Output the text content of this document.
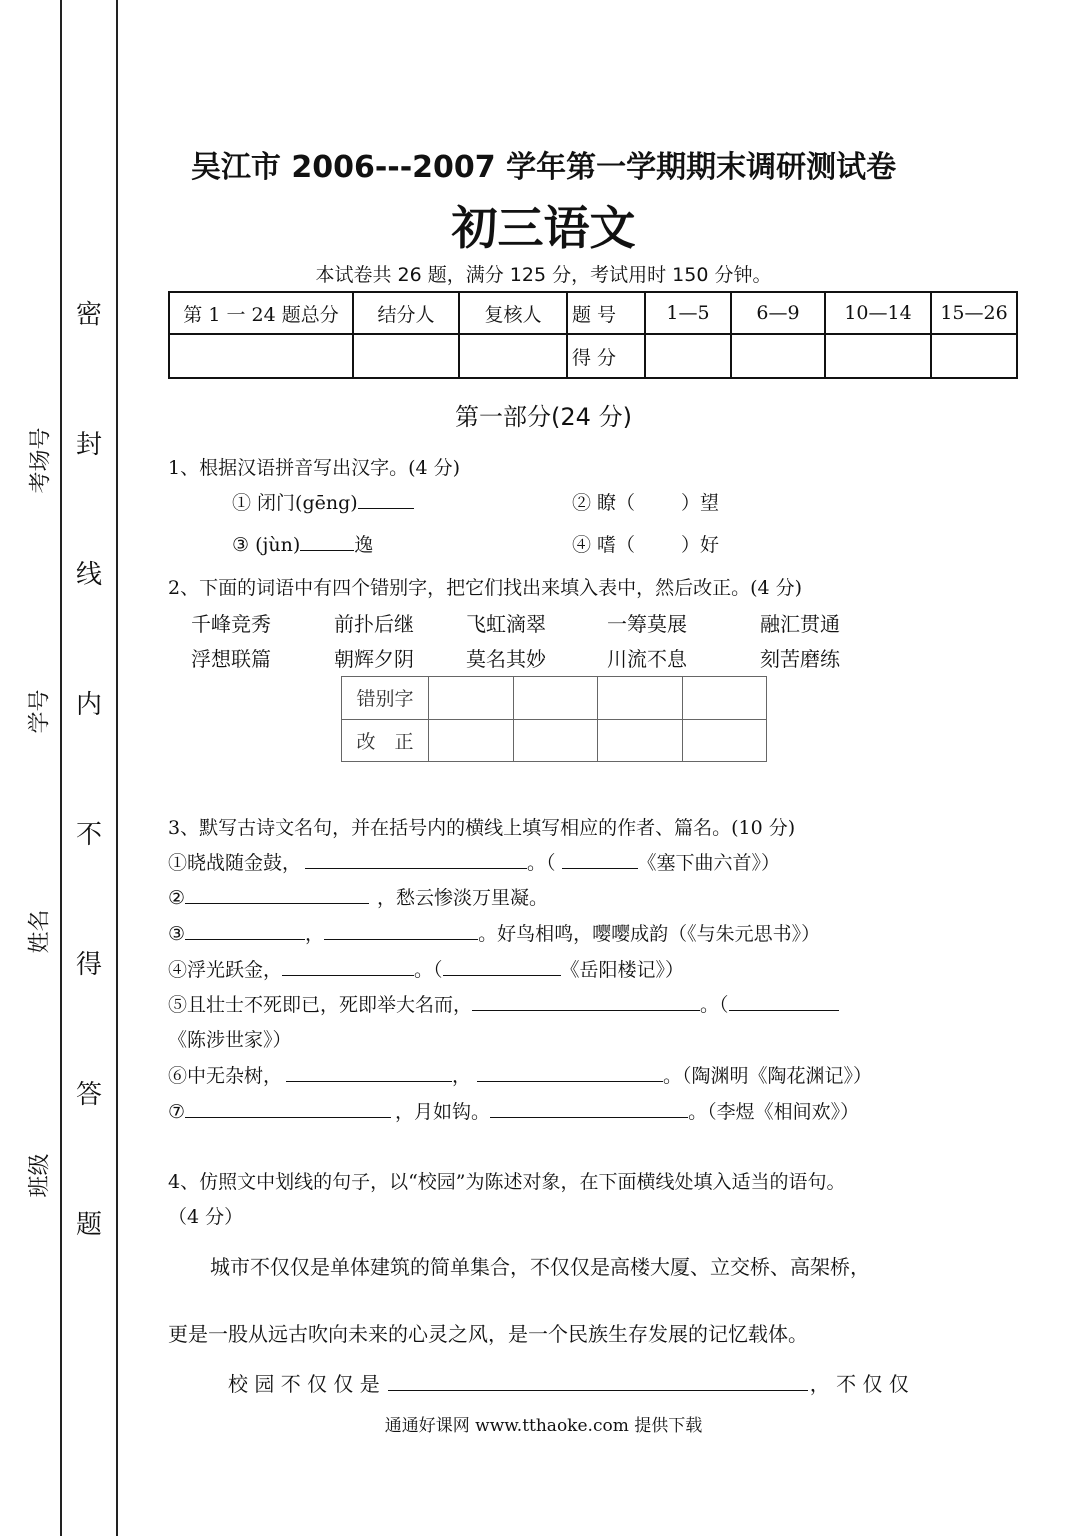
考场号
学号
姓名
班级
密
封
线
内
不
得
答
题
吴江市 2006---2007 学年第一学期期末调研测试卷
初三语文
本试卷共 26 题，满分 125 分，考试用时 150 分钟。
第 1 一 24 题总分	结分人	复核人	题 号	1—5	6—9	10—14	15—26
			得 分				
第一部分(24 分)
1、根据汉语拼音写出汉字。(4 分)
① 闭门(gēng)	② 瞭（ ）望
③ (jùn)	逸	④ 嗜（ ）好
2、下面的词语中有四个错别字，把它们找出来填入表中，然后改正。(4 分)
千峰竞秀	前扑后继	飞虹滴翠	一筹莫展	融汇贯通
浮想联篇	朝辉夕阴	莫名其妙	川流不息	刻苦磨练
错别字				
改　正				
3、默写古诗文名句，并在括号内的横线上填写相应的作者、篇名。(10 分)
①晓战随金鼓，	。（	《塞下曲六首》）
②	，愁云惨淡万里凝。
③	，	。好鸟相鸣，嘤嘤成韵（《与朱元思书》）
④浮光跃金，	。（	《岳阳楼记》）
⑤且壮士不死即已，死即举大名而，	。（
《陈涉世家》）
⑥中无杂树，	，	。（陶渊明《陶花渊记》）
⑦	，月如钩。	。（李煜《相间欢》）
4、仿照文中划线的句子，以“校园”为陈述对象，在下面横线处填入适当的语句。
（4 分）
城市不仅仅是单体建筑的简单集合，不仅仅是高楼大厦、立交桥、高架桥，
更是一股从远古吹向未来的心灵之风，是一个民族生存发展的记忆载体。
校 园 不 仅 仅 是	， 不 仅 仅
通通好课网 www.tthaoke.com 提供下载
